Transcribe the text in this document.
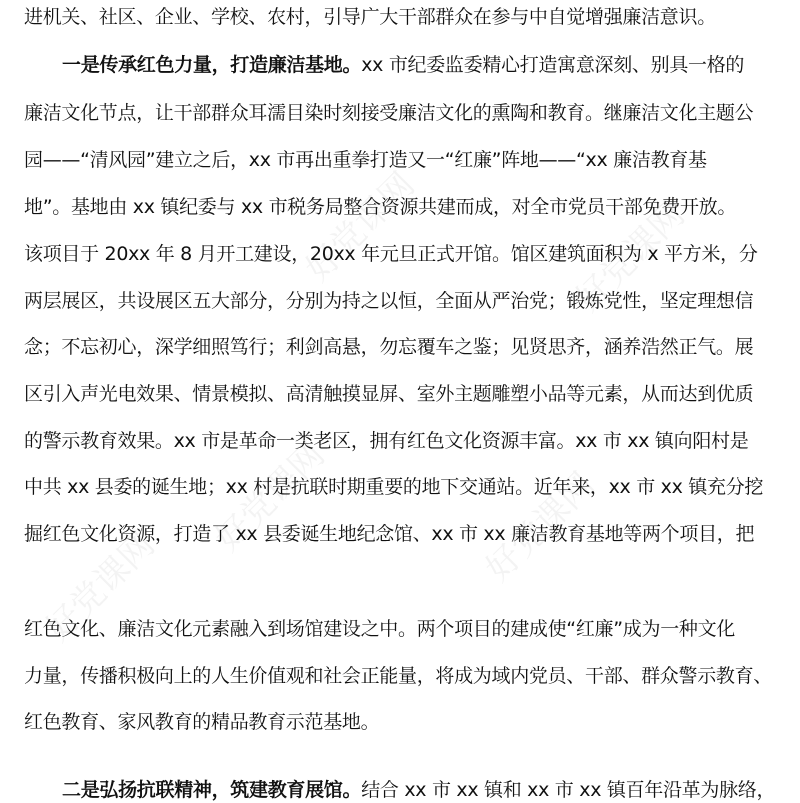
好党课网	好党课网
好党课网	好党课网
好党课网
进机关、社区、企业、学校、农村，引导广大干部群众在参与中自觉增强廉洁意识。
一是传承红色力量，打造廉洁基地。xx 市纪委监委精心打造寓意深刻、别具一格的
廉洁文化节点，让干部群众耳濡目染时刻接受廉洁文化的熏陶和教育。继廉洁文化主题公
园——“清风园”建立之后，xx 市再出重拳打造又一“红廉”阵地——“xx 廉洁教育基
地”。基地由 xx 镇纪委与 xx 市税务局整合资源共建而成，对全市党员干部免费开放。
该项目于 20xx 年 8 月开工建设，20xx 年元旦正式开馆。馆区建筑面积为 x 平方米，分
两层展区，共设展区五大部分，分别为持之以恒，全面从严治党；锻炼党性，坚定理想信
念；不忘初心，深学细照笃行；利剑高悬，勿忘覆车之鉴；见贤思齐，涵养浩然正气。展
区引入声光电效果、情景模拟、高清触摸显屏、室外主题雕塑小品等元素，从而达到优质
的警示教育效果。xx 市是革命一类老区，拥有红色文化资源丰富。xx 市 xx 镇向阳村是
中共 xx 县委的诞生地；xx 村是抗联时期重要的地下交通站。近年来，xx 市 xx 镇充分挖
掘红色文化资源，打造了 xx 县委诞生地纪念馆、xx 市 xx 廉洁教育基地等两个项目，把
红色文化、廉洁文化元素融入到场馆建设之中。两个项目的建成使“红廉”成为一种文化
力量，传播积极向上的人生价值观和社会正能量，将成为域内党员、干部、群众警示教育、
红色教育、家风教育的精品教育示范基地。
二是弘扬抗联精神，筑建教育展馆。结合 xx 市 xx 镇和 xx 市 xx 镇百年沿革为脉络，
